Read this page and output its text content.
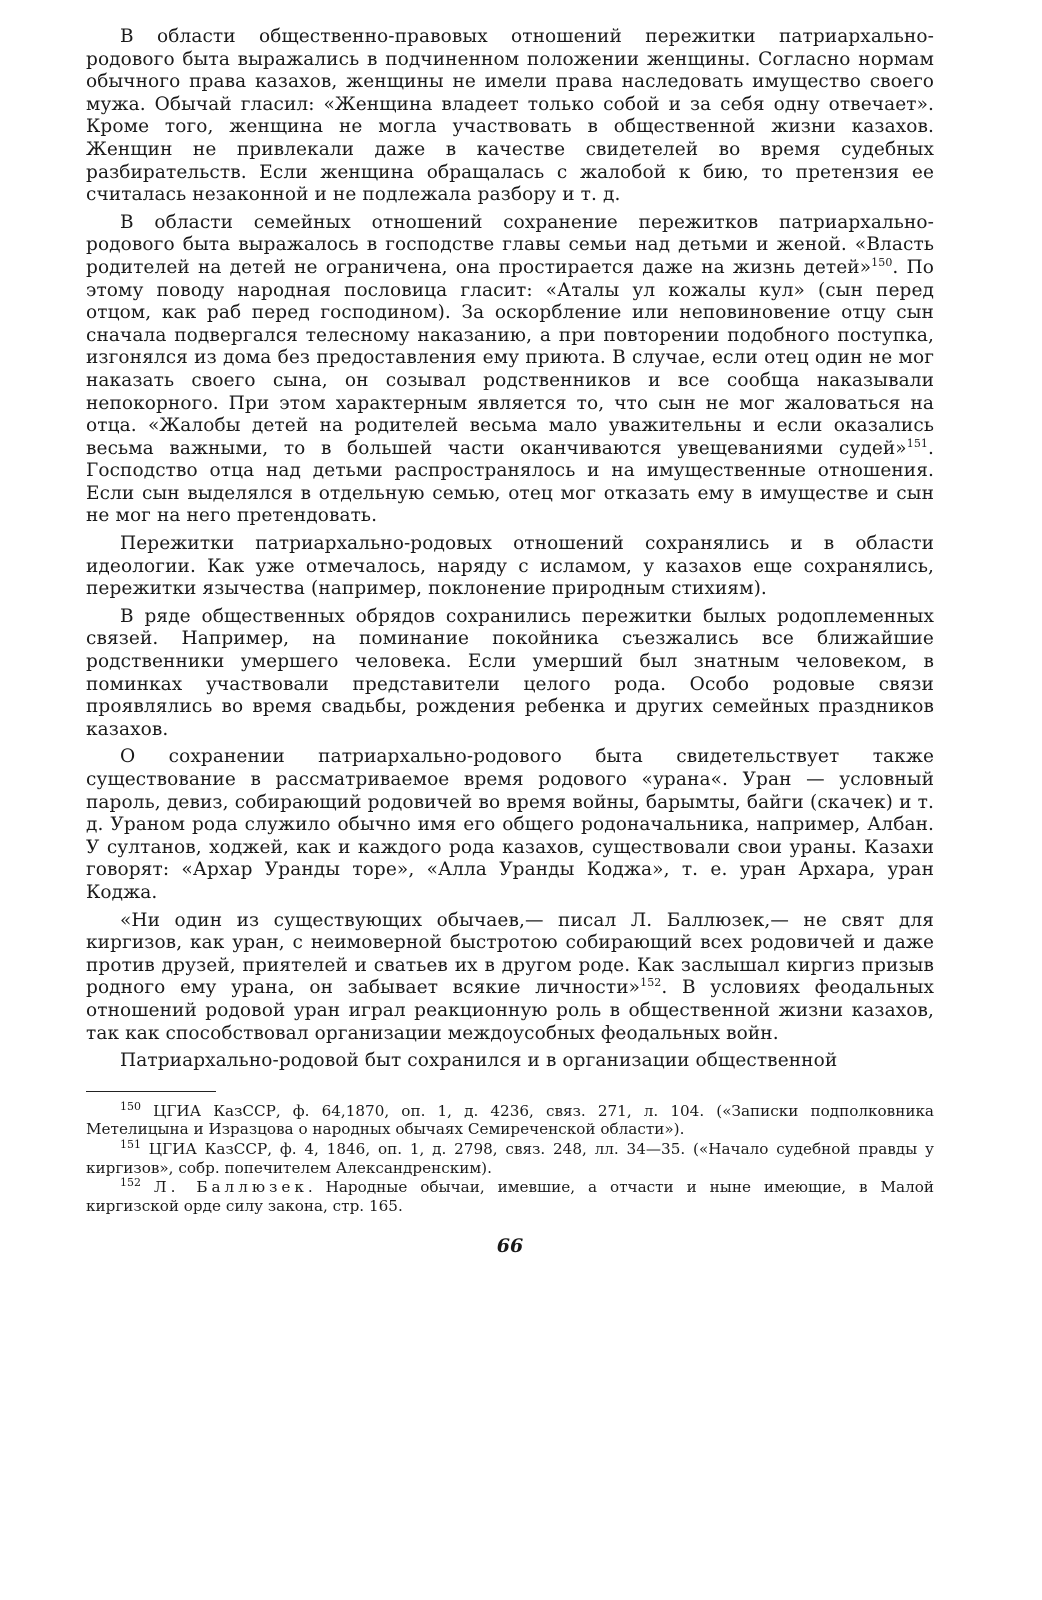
В области общественно-правовых отношений пережитки патриархально-родового быта выражались в подчиненном положении женщины. Согласно нормам обычного права казахов, женщины не имели права наследовать имущество своего мужа. Обычай гласил: «Женщина владеет только собой и за себя одну отвечает». Кроме того, женщина не могла участвовать в общественной жизни казахов. Женщин не привлекали даже в качестве свидетелей во время судебных разбирательств. Если женщина обращалась с жалобой к бию, то претензия ее считалась незаконной и не подлежала разбору и т. д.

В области семейных отношений сохранение пережитков патриархально-родового быта выражалось в господстве главы семьи над детьми и женой. «Власть родителей на детей не ограничена, она простирается даже на жизнь детей»$^{150}$. По этому поводу народная пословица гласит: «Аталы ул кожалы кул» (сын перед отцом, как раб перед господином). За оскорбление или неповиновение отцу сын сначала подвергался телесному наказанию, а при повторении подобного поступка, изгонялся из дома без предоставления ему приюта. В случае, если отец один не мог наказать своего сына, он созывал родственников и все сообща наказывали непокорного. При этом характерным является то, что сын не мог жаловаться на отца. «Жалобы детей на родителей весьма мало уважительны и если оказались весьма важными, то в большей части оканчиваются увещеваниями судей»$^{151}$. Господство отца над детьми распространялось и на имущественные отношения. Если сын выделялся в отдельную семью, отец мог отказать ему в имуществе и сын не мог на него претендовать.

Пережитки патриархально-родовых отношений сохранялись и в области идеологии. Как уже отмечалось, наряду с исламом, у казахов еще сохранялись, пережитки язычества (например, поклонение природным стихиям).

В ряде общественных обрядов сохранились пережитки былых родоплеменных связей. Например, на поминание покойника съезжались все ближайшие родственники умершего человека. Если умерший был знатным человеком, в поминках участвовали представители целого рода. Особо родовые связи проявлялись во время свадьбы, рождения ребенка и других семейных праздников казахов.

О сохранении патриархально-родового быта свидетельствует также существование в рассматриваемое время родового «урана«. Уран — условный пароль, девиз, собирающий родовичей во время войны, барымты, байги (скачек) и т. д. Ураном рода служило обычно имя его общего родоначальника, например, Албан. У султанов, ходжей, как и каждого рода казахов, существовали свои ураны. Казахи говорят: «Архар Уранды торе», «Алла Уранды Коджа», т. е. уран Архара, уран Коджа.

«Ни один из существующих обычаев,— писал Л. Баллюзек,— не свят для киргизов, как уран, с неимоверной быстротою собирающий всех родовичей и даже против друзей, приятелей и сватьев их в другом роде. Как заслышал киргиз призыв родного ему урана, он забывает всякие личности»$^{152}$. В условиях феодальных отношений родовой уран играл реакционную роль в общественной жизни казахов, так как способствовал организации междоусобных феодальных войн.

Патриархально-родовой быт сохранился и в организации общественной

$^{150}$ ЦГИА КазССР, ф. 64,1870, оп. 1, д. 4236, связ. 271, л. 104. («Записки подполковника Метелицына и Изразцова о народных обычаях Семиреченской области»).

$^{151}$ ЦГИА КазССР, ф. 4, 1846, оп. 1, д. 2798, связ. 248, лл. 34—35. («Начало судебной правды у киргизов», собр. попечителем Александренским).

$^{152}$ Л. Баллюзек. Народные обычаи, имевшие, а отчасти и ныне имеющие, в Малой киргизской орде силу закона, стр. 165.

66
